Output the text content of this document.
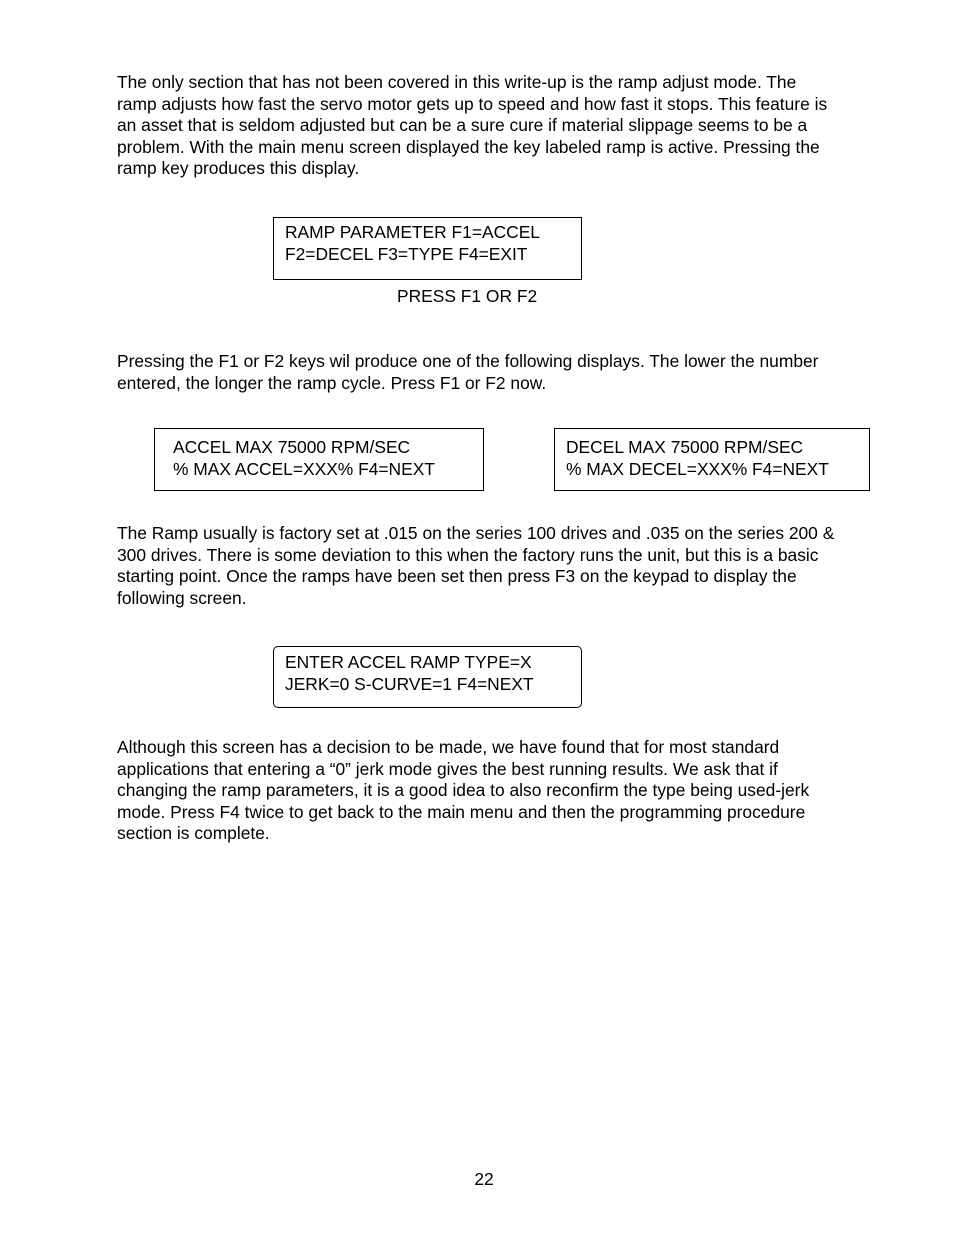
The only section that has not been covered in this write-up is the ramp adjust mode. The
ramp adjusts how fast the servo motor gets up to speed and how fast it stops. This feature is
an asset that is seldom adjusted but can be a sure cure if material slippage seems to be a
problem. With the main menu screen displayed the key labeled ramp is active. Pressing the
ramp key produces this display.

RAMP PARAMETER F1=ACCEL
F2=DECEL F3=TYPE F4=EXIT
PRESS F1 OR F2

Pressing the F1 or F2 keys wil produce one of the following displays. The lower the number
entered, the longer the ramp cycle. Press F1 or F2 now.

ACCEL MAX 75000 RPM/SEC
% MAX ACCEL=XXX% F4=NEXT
DECEL MAX 75000 RPM/SEC
% MAX DECEL=XXX% F4=NEXT

The Ramp usually is factory set at .015 on the series 100 drives and .035 on the series 200 &
300 drives. There is some deviation to this when the factory runs the unit, but this is a basic
starting point. Once the ramps have been set then press F3 on the keypad to display the
following screen.

ENTER ACCEL RAMP TYPE=X
JERK=0 S-CURVE=1 F4=NEXT

Although this screen has a decision to be made, we have found that for most standard
applications that entering a “0” jerk mode gives the best running results. We ask that if
changing the ramp parameters, it is a good idea to also reconfirm the type being used-jerk
mode. Press F4 twice to get back to the main menu and then the programming procedure
section is complete.

22
